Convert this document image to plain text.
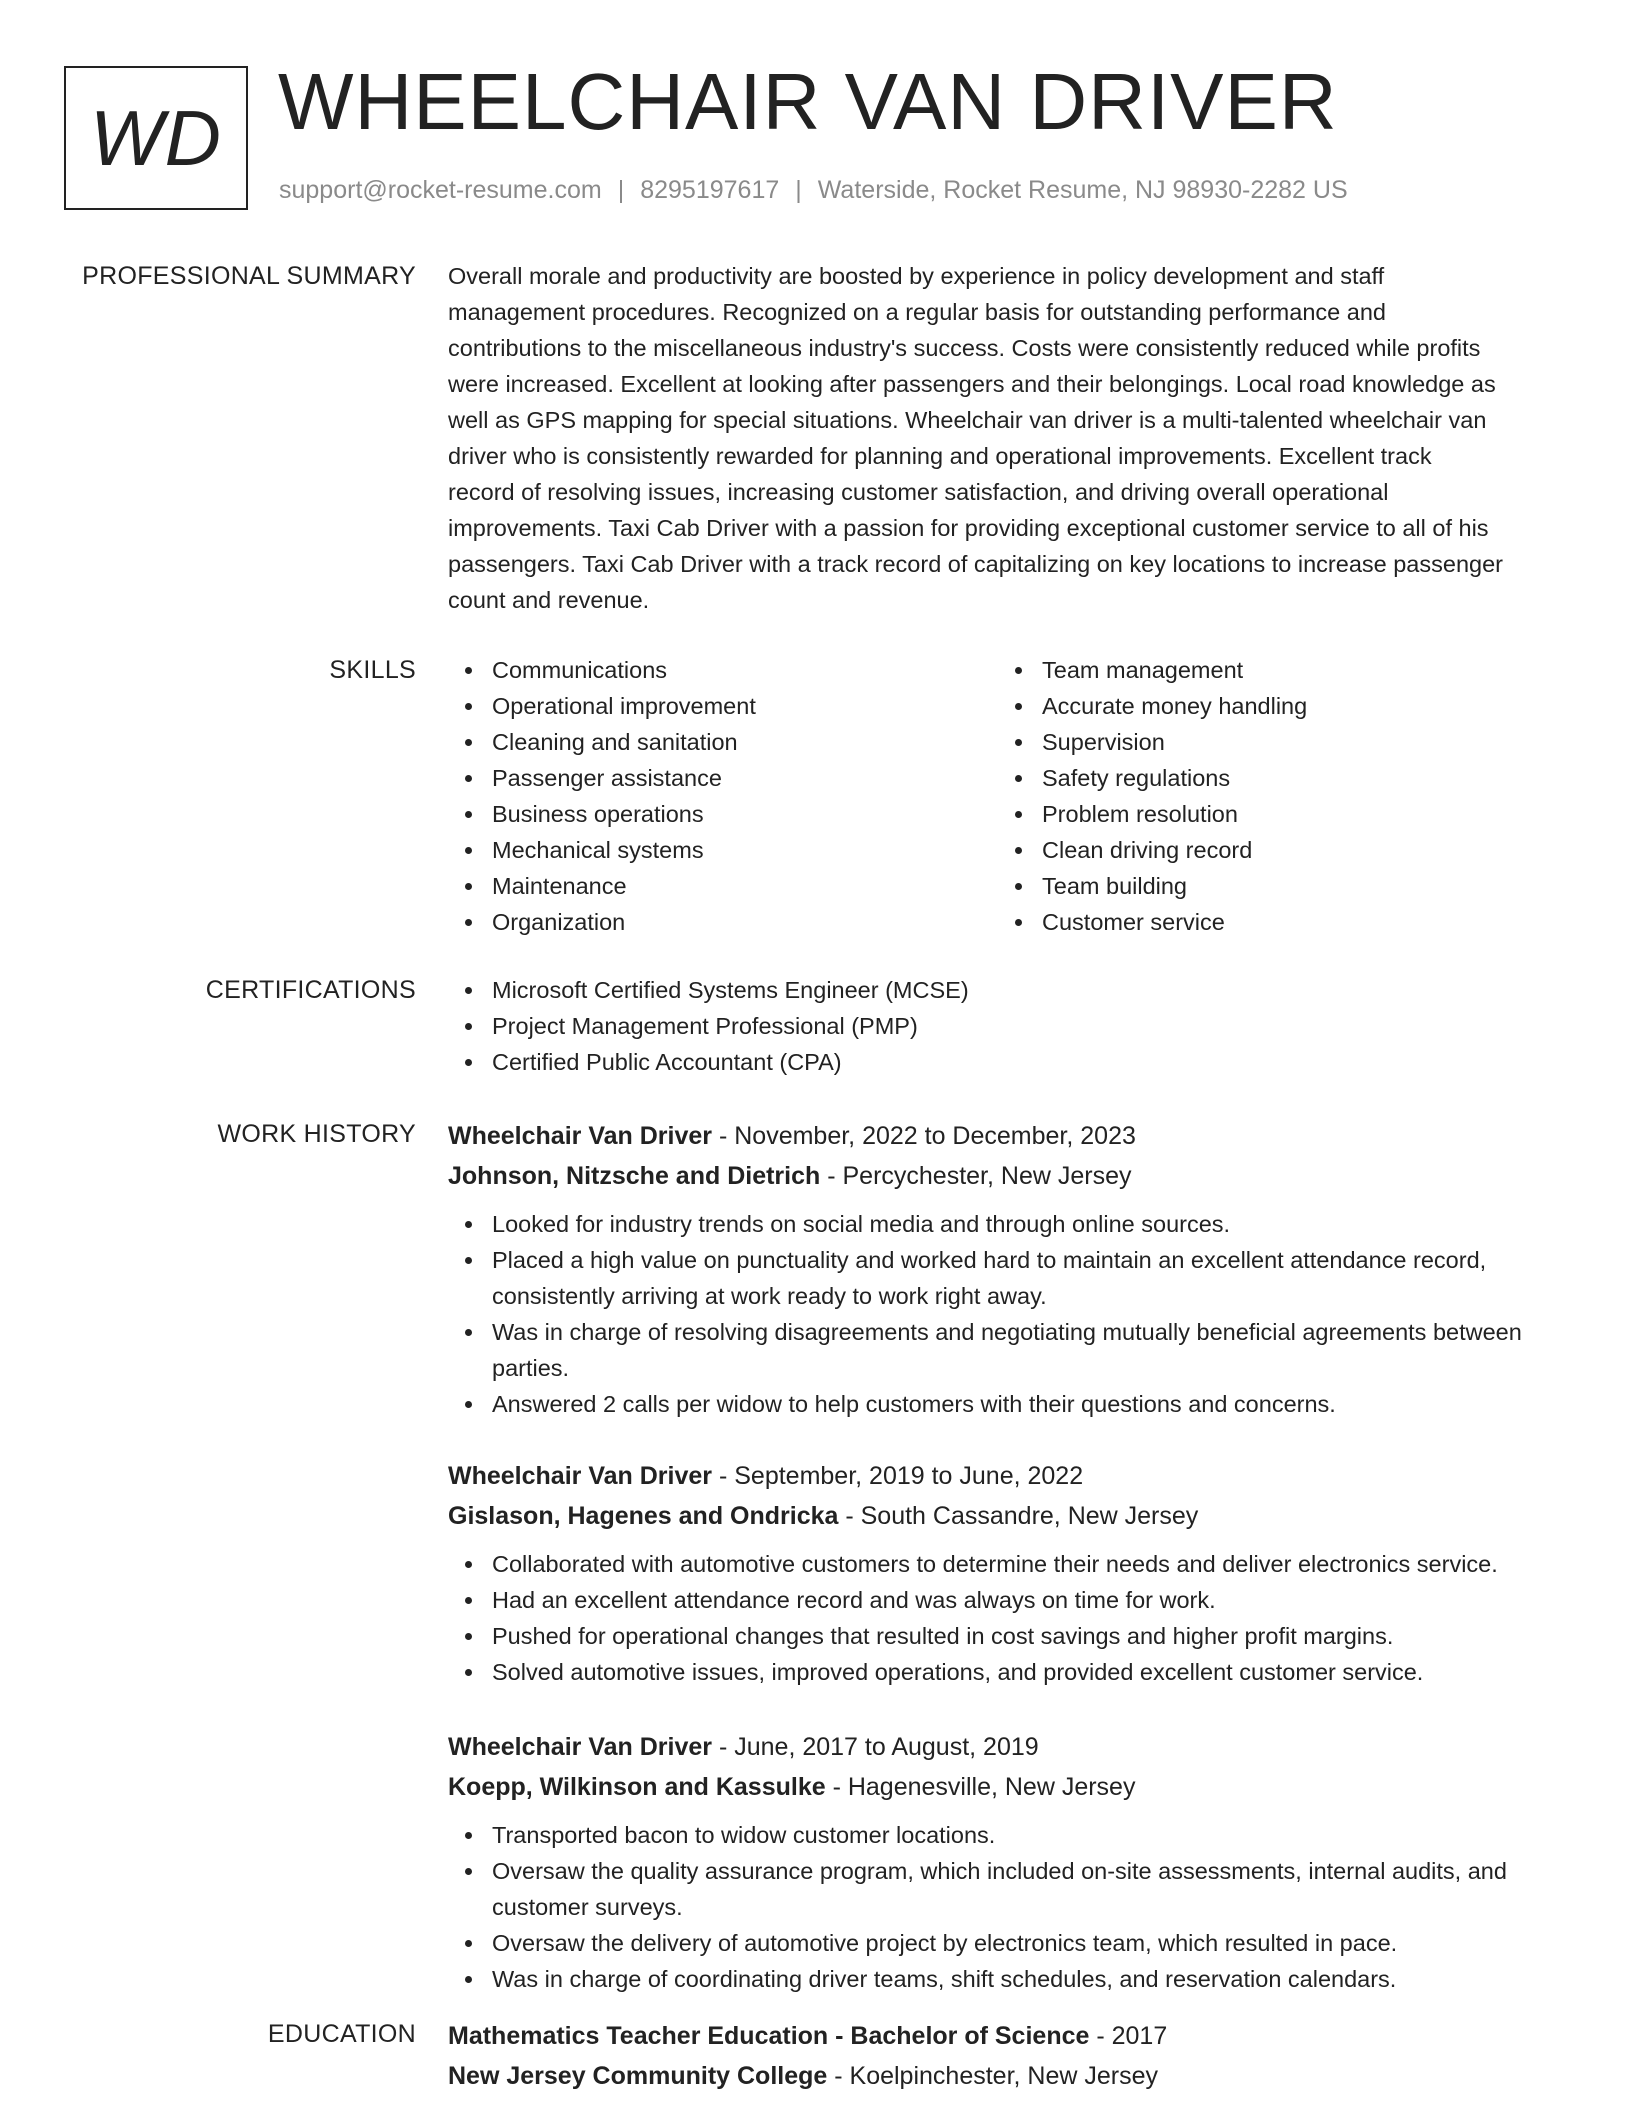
WD WHEELCHAIR VAN DRIVER
support@rocket-resume.com | 8295197617 | Waterside, Rocket Resume, NJ 98930-2282 US
PROFESSIONAL SUMMARY Overall morale and productivity are boosted by experience in policy development and staff
management procedures. Recognized on a regular basis for outstanding performance and
contributions to the miscellaneous industry's success. Costs were consistently reduced while profits
were increased. Excellent at looking after passengers and their belongings. Local road knowledge as
well as GPS mapping for special situations. Wheelchair van driver is a multi-talented wheelchair van
driver who is consistently rewarded for planning and operational improvements. Excellent track
record of resolving issues, increasing customer satisfaction, and driving overall operational
improvements. Taxi Cab Driver with a passion for providing exceptional customer service to all of his
passengers. Taxi Cab Driver with a track record of capitalizing on key locations to increase passenger
count and revenue.
SKILLS	Communications
Operational improvement
Cleaning and sanitation
Passenger assistance
Business operations
Mechanical systems
Maintenance
Organization
Team management
Accurate money handling
Supervision
Safety regulations
Problem resolution
Clean driving record
Team building
Customer service
CERTIFICATIONS	Microsoft Certified Systems Engineer (MCSE)
Project Management Professional (PMP)
Certified Public Accountant (CPA)
WORK HISTORY Wheelchair Van Driver - November, 2022 to December, 2023
Johnson, Nitzsche and Dietrich - Percychester, New Jersey
Looked for industry trends on social media and through online sources.
Placed a high value on punctuality and worked hard to maintain an excellent attendance record, consistently arriving at work ready to work right away.
Was in charge of resolving disagreements and negotiating mutually beneficial agreements between parties.
Answered 2 calls per widow to help customers with their questions and concerns.
Wheelchair Van Driver - September, 2019 to June, 2022
Gislason, Hagenes and Ondricka - South Cassandre, New Jersey
Collaborated with automotive customers to determine their needs and deliver electronics service.
Had an excellent attendance record and was always on time for work.
Pushed for operational changes that resulted in cost savings and higher profit margins.
Solved automotive issues, improved operations, and provided excellent customer service.
Wheelchair Van Driver - June, 2017 to August, 2019
Koepp, Wilkinson and Kassulke - Hagenesville, New Jersey
Transported bacon to widow customer locations.
Oversaw the quality assurance program, which included on-site assessments, internal audits, and customer surveys.
Oversaw the delivery of automotive project by electronics team, which resulted in pace.
Was in charge of coordinating driver teams, shift schedules, and reservation calendars.
EDUCATION Mathematics Teacher Education - Bachelor of Science - 2017
New Jersey Community College - Koelpinchester, New Jersey
